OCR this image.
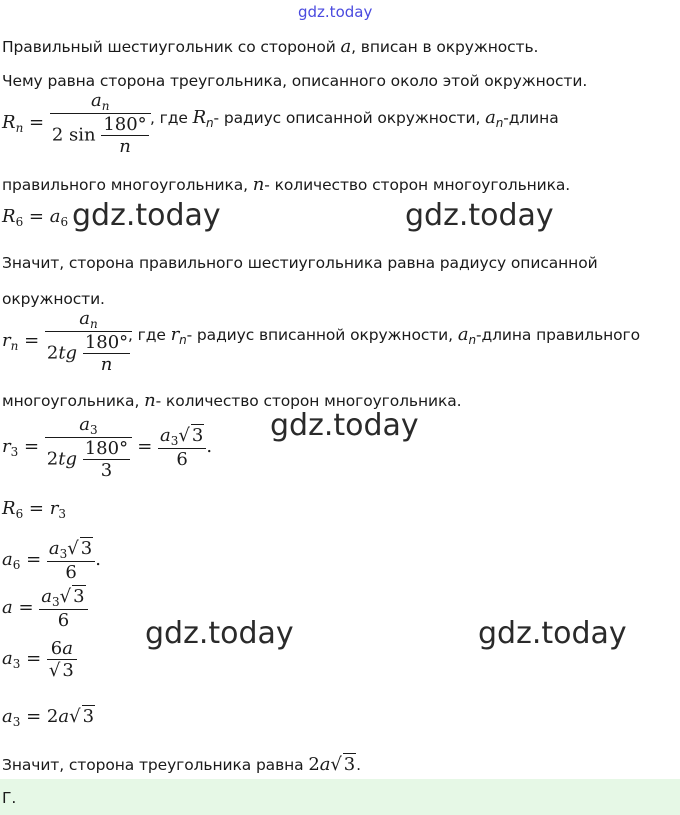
gdz.today
Правильный шестиугольник со стороной a, вписан в окружность.
Чему равна сторона треугольника, описанного около этой окружности.
$R_n = \frac{a_n}{2 \sin \frac{180^\circ}{n}}$ , где $R_n-$ радиус описанной окружности, $a_n$-длина
правильного многоугольника, n- количество сторон многоугольника.
$R_6 = a_6$ gdz.today	gdz.today
Значит, сторона правильного шестиугольника равна радиусу описанной
окружности.
$r_n = \frac{a_n}{2tg \frac{180^\circ}{n}}$
, где $r_n-$ радиус вписанной окружности, $a_n$-длина правильного
многоугольника, n- количество сторон многоугольника.
$r_3 = \frac{a_3}{2tg \frac{180^\circ}{3}} = \frac{a_3√ 3}{6}$ .
gdz.today
$R_6 = r_3$
$a_6 = \frac{a_3√ 3}{6}$ .
$a = \frac{a_3√ 3}{6}$
gdz.today	gdz.today
$a_3 = \frac{6a}{√ 3}$
$a_3 = 2a√$ 3
Значит, сторона треугольника равна 2a√ 3.
Г.
